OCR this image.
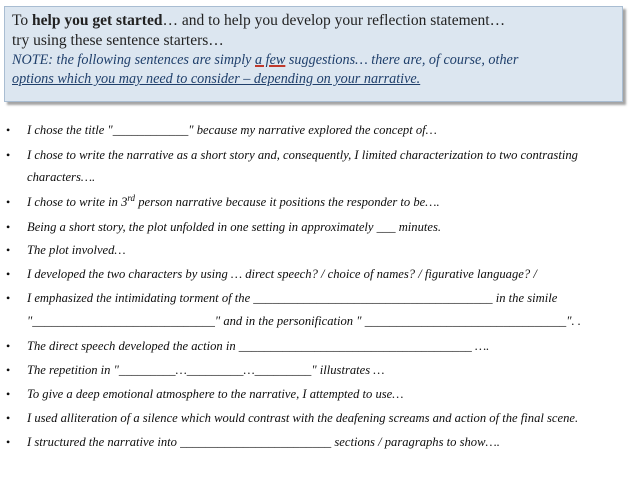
To help you get started… and to help you develop your reflection statement…
try using these sentence starters…
NOTE: the following sentences are simply a few suggestions… there are, of course, other
options which you may need to consider – depending on your narrative.
• I chose the title "____________" because my narrative explored the concept of…
• I chose to write the narrative as a short story and, consequently, I limited characterization to two contrasting
characters….
• I chose to write in 3rd person narrative because it positions the responder to be….
• Being a short story, the plot unfolded in one setting in approximately ___ minutes.
• The plot involved…
• I developed the two characters by using … direct speech? / choice of names? / figurative language? /
• I emphasized the intimidating torment of the ______________________________________ in the simile
"_____________________________" and in the personification " ________________________________". .
• The direct speech developed the action in _____________________________________ ….
• The repetition in "_________…_________…_________" illustrates …
• To give a deep emotional atmosphere to the narrative, I attempted to use…
• I used alliteration of a silence which would contrast with the deafening screams and action of the final scene.
• I structured the narrative into ________________________ sections / paragraphs to show….
